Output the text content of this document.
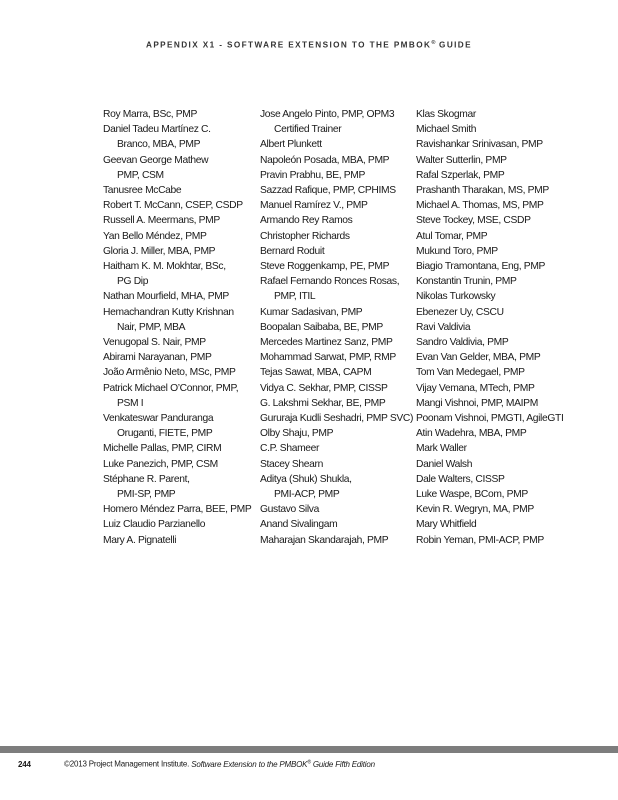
APPENDIX X1 - SOFTWARE EXTENSION TO THE PMBOK® GUIDE
Roy Marra, BSc, PMP
Daniel Tadeu Martínez C.
Branco, MBA, PMP
Geevan George Mathew
PMP, CSM
Tanusree McCabe
Robert T. McCann, CSEP, CSDP
Russell A. Meermans, PMP
Yan Bello Méndez, PMP
Gloria J. Miller, MBA, PMP
Haitham K. M. Mokhtar, BSc,
PG Dip
Nathan Mourfield, MHA, PMP
Hemachandran Kutty Krishnan
Nair, PMP, MBA
Venugopal S. Nair, PMP
Abirami Narayanan, PMP
João Armênio Neto, MSc, PMP
Patrick Michael O’Connor, PMP,
PSM I
Venkateswar Panduranga
Oruganti, FIETE, PMP
Michelle Pallas, PMP, CIRM
Luke Panezich, PMP, CSM
Stéphane R. Parent,
PMI-SP, PMP
Homero Méndez Parra, BEE, PMP
Luiz Claudio Parzianello
Mary A. Pignatelli
Jose Angelo Pinto, PMP, OPM3
Certified Trainer
Albert Plunkett
Napoleón Posada, MBA, PMP
Pravin Prabhu, BE, PMP
Sazzad Rafique, PMP, CPHIMS
Manuel Ramírez V., PMP
Armando Rey Ramos
Christopher Richards
Bernard Roduit
Steve Roggenkamp, PE, PMP
Rafael Fernando Ronces Rosas,
PMP, ITIL
Kumar Sadasivan, PMP
Boopalan Saibaba, BE, PMP
Mercedes Martinez Sanz, PMP
Mohammad Sarwat, PMP, RMP
Tejas Sawat, MBA, CAPM
Vidya C. Sekhar, PMP, CISSP
G. Lakshmi Sekhar, BE, PMP
Gururaja Kudli Seshadri, PMP SVC)
Olby Shaju, PMP
C.P. Shameer
Stacey Shearn
Aditya (Shuk) Shukla,
PMI-ACP, PMP
Gustavo Silva
Anand Sivalingam
Maharajan Skandarajah, PMP
Klas Skogmar
Michael Smith
Ravishankar Srinivasan, PMP
Walter Sutterlin, PMP
Rafal Szperlak, PMP
Prashanth Tharakan, MS, PMP
Michael A. Thomas, MS, PMP
Steve Tockey, MSE, CSDP
Atul Tomar, PMP
Mukund Toro, PMP
Biagio Tramontana, Eng, PMP
Konstantin Trunin, PMP
Nikolas Turkowsky
Ebenezer Uy, CSCU
Ravi Valdivia
Sandro Valdivia, PMP
Evan Van Gelder, MBA, PMP
Tom Van Medegael, PMP
Vijay Vemana, MTech, PMP
Mangi Vishnoi, PMP, MAIPM
Poonam Vishnoi, PMGTI, AgileGTI
Atin Wadehra, MBA, PMP
Mark Waller
Daniel Walsh
Dale Walters, CISSP
Luke Waspe, BCom, PMP
Kevin R. Wegryn, MA, PMP
Mary Whitfield
Robin Yeman, PMI-ACP, PMP
244	©2013 Project Management Institute. Software Extension to the PMBOK® Guide Fifth Edition
